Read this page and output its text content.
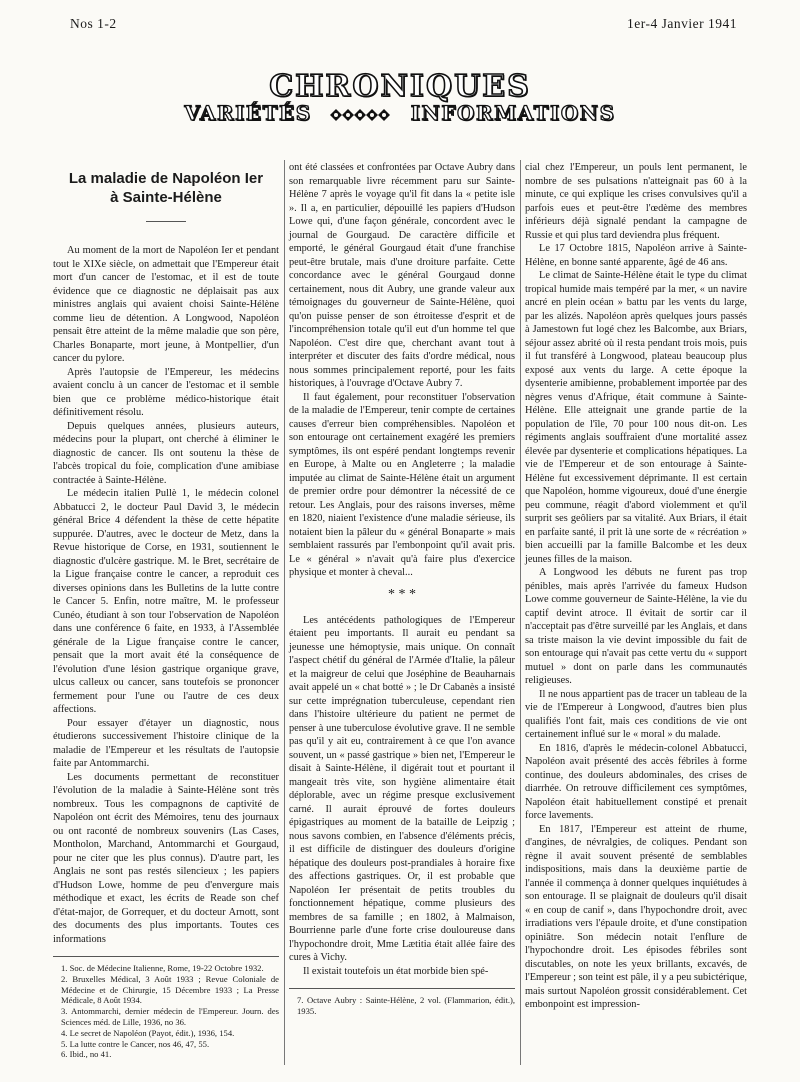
Nos 1-2	1er-4 Janvier 1941
CHRONIQUES
VARIÉTÉS	INFORMATIONS
La maladie de Napoléon Ier
à Sainte-Hélène

Au moment de la mort de Napoléon Ier et pendant tout le XIXe siècle, on admettait que l'Empereur était mort d'un cancer de l'estomac, et il est de toute évidence que ce diagnostic ne déplaisait pas aux ministres anglais qui avaient choisi Sainte-Hélène comme lieu de détention. A Longwood, Napoléon pensait être atteint de la même maladie que son père, Charles Bonaparte, mort jeune, à Montpellier, d'un cancer du pylore.

Après l'autopsie de l'Empereur, les médecins avaient conclu à un cancer de l'estomac et il semble bien que ce problème médico-historique était définitivement résolu.

Depuis quelques années, plusieurs auteurs, médecins pour la plupart, ont cherché à éliminer le diagnostic de cancer. Ils ont soutenu la thèse de l'abcès tropical du foie, complication d'une amibiase contractée à Sainte-Hélène.

Le médecin italien Pullè 1, le médecin colonel Abbatucci 2, le docteur Paul David 3, le médecin général Brice 4 défendent la thèse de cette hépatite suppurée. D'autres, avec le docteur de Metz, dans la Revue historique de Corse, en 1931, soutiennent le diagnostic d'ulcère gastrique. M. le Bret, secrétaire de la Ligue française contre le cancer, a reproduit ces diverses opinions dans les Bulletins de la lutte contre le Cancer 5. Enfin, notre maître, M. le professeur Cunéo, étudiant à son tour l'observation de Napoléon dans une conférence 6 faite, en 1933, à l'Assemblée générale de la Ligue française contre le cancer, pensait que la mort avait été la conséquence de l'évolution d'une lésion gastrique organique grave, ulcus calleux ou cancer, sans toutefois se prononcer fermement pour l'une ou l'autre de ces deux affections.

Pour essayer d'étayer un diagnostic, nous étudierons successivement l'histoire clinique de la maladie de l'Empereur et les résultats de l'autopsie faite par Antommarchi.

Les documents permettant de reconstituer l'évolution de la maladie à Sainte-Hélène sont très nombreux. Tous les compagnons de captivité de Napoléon ont écrit des Mémoires, tenu des journaux ou ont raconté de nombreux souvenirs (Las Cases, Montholon, Marchand, Antommarchi et Gourgaud, pour ne citer que les plus connus). D'autre part, les Anglais ne sont pas restés silencieux ; les papiers d'Hudson Lowe, homme de peu d'envergure mais méthodique et exact, les écrits de Reade son chef d'état-major, de Gorrequer, et du docteur Arnott, sont des documents des plus importants. Toutes ces informations

1. Soc. de Médecine Italienne, Rome, 19-22 Octobre 1932.
2. Bruxelles Médical, 3 Août 1933 ; Revue Coloniale de Médecine et de Chirurgie, 15 Décembre 1933 ; La Presse Médicale, 8 Août 1934.
3. Antommarchi, dernier médecin de l'Empereur. Journ. des Sciences méd. de Lille, 1936, no 36.
4. Le secret de Napoléon (Payot, édit.), 1936, 154.
5. La lutte contre le Cancer, nos 46, 47, 55.
6. Ibid., no 41.

ont été classées et confrontées par Octave Aubry dans son remarquable livre récemment paru sur Sainte-Hélène 7 après le voyage qu'il fit dans la « petite isle ». Il a, en particulier, dépouillé les papiers d'Hudson Lowe qui, d'une façon générale, concordent avec le journal de Gourgaud. De caractère difficile et emporté, le général Gourgaud était d'une franchise peut-être brutale, mais d'une droiture parfaite. Cette concordance avec le général Gourgaud donne certainement, nous dit Aubry, une grande valeur aux témoignages du gouverneur de Sainte-Hélène, quoi qu'on puisse penser de son étroitesse d'esprit et de l'incompréhension totale qu'il eut d'un homme tel que Napoléon. C'est dire que, cherchant avant tout à interpréter et discuter des faits d'ordre médical, nous nous sommes principalement reporté, pour les faits historiques, à l'ouvrage d'Octave Aubry 7.

Il faut également, pour reconstituer l'observation de la maladie de l'Empereur, tenir compte de certaines causes d'erreur bien compréhensibles. Napoléon et son entourage ont certainement exagéré les premiers symptômes, ils ont espéré pendant longtemps revenir en Europe, à Malte ou en Angleterre ; la maladie imputée au climat de Sainte-Hélène était un argument de premier ordre pour démontrer la nécessité de ce retour. Les Anglais, pour des raisons inverses, même en 1820, niaient l'existence d'une maladie sérieuse, ils notaient bien la pâleur du « général Bonaparte » mais semblaient rassurés par l'embonpoint qu'il avait pris. Le « général » n'avait qu'à faire plus d'exercice physique et monter à cheval...

* * *

Les antécédents pathologiques de l'Empereur étaient peu importants. Il aurait eu pendant sa jeunesse une hémoptysie, mais unique. On connaît l'aspect chétif du général de l'Armée d'Italie, la pâleur et la maigreur de celui que Joséphine de Beauharnais avait appelé un « chat botté » ; le Dr Cabanès a insisté sur cette imprégnation tuberculeuse, cependant rien dans l'histoire ultérieure du patient ne permet de penser à une tuberculose évolutive grave. Il ne semble pas qu'il y ait eu, contrairement à ce que l'on avance souvent, un « passé gastrique » bien net, l'Empereur le disait à Sainte-Hélène, il digérait tout et pourtant il mangeait très vite, son hygiène alimentaire était déplorable, avec un régime presque exclusivement carné. Il aurait éprouvé de fortes douleurs épigastriques au moment de la bataille de Leipzig ; nous savons combien, en l'absence d'éléments précis, il est difficile de distinguer des douleurs d'origine hépatique des douleurs post-prandiales à horaire fixe des affections gastriques. Or, il est probable que Napoléon Ier présentait de petits troubles du fonctionnement hépatique, comme plusieurs des membres de sa famille ; en 1802, à Malmaison, Bourrienne parle d'une forte crise douloureuse dans l'hypochondre droit, Mme Lætitia était allée faire des cures à Vichy.

Il existait toutefois un état morbide bien spé-

7. Octave Aubry : Sainte-Hélène, 2 vol. (Flammarion, édit.), 1935.

cial chez l'Empereur, un pouls lent permanent, le nombre de ses pulsations n'atteignait pas 60 à la minute, ce qui explique les crises convulsives qu'il a parfois eues et peut-être l'œdème des membres inférieurs déjà signalé pendant la campagne de Russie et qui plus tard deviendra plus fréquent.

Le 17 Octobre 1815, Napoléon arrive à Sainte-Hélène, en bonne santé apparente, âgé de 46 ans.

Le climat de Sainte-Hélène était le type du climat tropical humide mais tempéré par la mer, « un navire ancré en plein océan » battu par les vents du large, par les alizés. Napoléon après quelques jours passés à Jamestown fut logé chez les Balcombe, aux Briars, séjour assez abrité où il resta pendant trois mois, puis il fut transféré à Longwood, plateau beaucoup plus exposé aux vents du large. A cette époque la dysenterie amibienne, probablement importée par des nègres venus d'Afrique, était commune à Sainte-Hélène. Elle atteignait une grande partie de la population de l'île, 70 pour 100 nous dit-on. Les régiments anglais souffraient d'une mortalité assez élevée par dysenterie et complications hépatiques. La vie de l'Empereur et de son entourage à Sainte-Hélène fut excessivement déprimante. Il est certain que Napoléon, homme vigoureux, doué d'une énergie peu commune, réagit d'abord violemment et qu'il surprit ses geôliers par sa vitalité. Aux Briars, il était en parfaite santé, il prit là une sorte de « récréation » bien accueilli par la famille Balcombe et les deux jeunes filles de la maison.

A Longwood les débuts ne furent pas trop pénibles, mais après l'arrivée du fameux Hudson Lowe comme gouverneur de Sainte-Hélène, la vie du captif devint atroce. Il évitait de sortir car il n'acceptait pas d'être surveillé par les Anglais, et dans sa triste maison la vie devint impossible du fait de son entourage qui n'avait pas cette vertu du « support mutuel » dont on parle dans les communautés religieuses.

Il ne nous appartient pas de tracer un tableau de la vie de l'Empereur à Longwood, d'autres bien plus qualifiés l'ont fait, mais ces conditions de vie ont certainement influé sur le « moral » du malade.

En 1816, d'après le médecin-colonel Abbatucci, Napoléon avait présenté des accès fébriles à forme continue, des douleurs abdominales, des crises de diarrhée. On retrouve difficilement ces symptômes, Napoléon était habituellement constipé et prenait force lavements.

En 1817, l'Empereur est atteint de rhume, d'angines, de névralgies, de coliques. Pendant son règne il avait souvent présenté de semblables indispositions, mais dans la deuxième partie de l'année il commença à donner quelques inquiétudes à son entourage. Il se plaignait de douleurs qu'il disait « en coup de canif », dans l'hypochondre droit, avec irradiations vers l'épaule droite, et d'une constipation opiniâtre. Son médecin notait l'enflure de l'hypochondre droit. Les épisodes fébriles sont discutables, on note les yeux brillants, excavés, de l'Empereur ; son teint est pâle, il y a peu subictérique, mais surtout Napoléon grossit considérablement. Cet embonpoint est impression-
